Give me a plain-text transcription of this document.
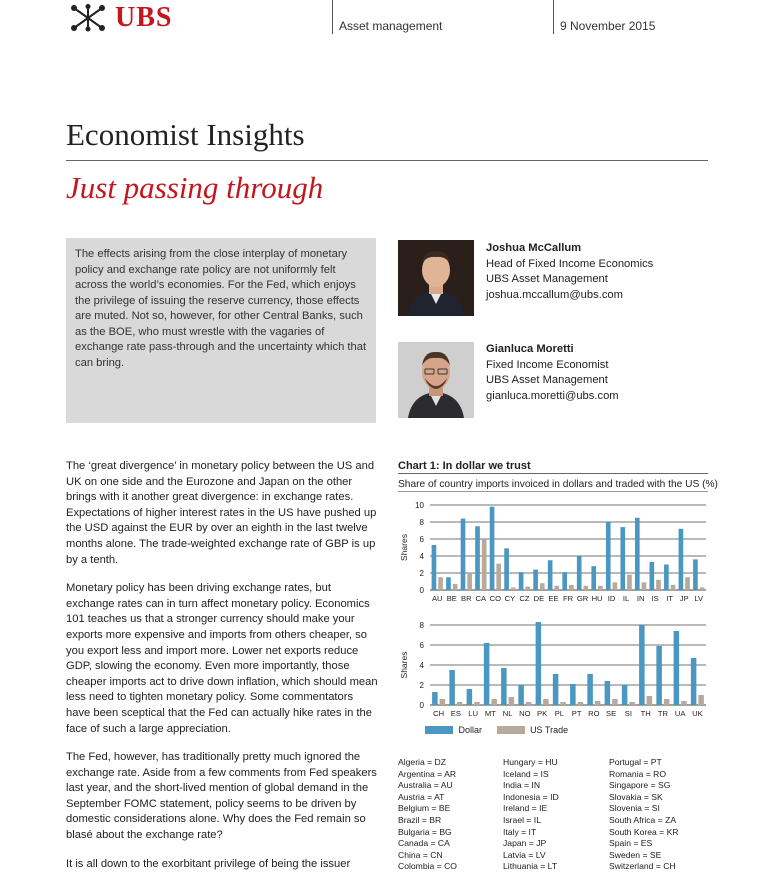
UBS	Asset management	9 November 2015
Economist Insights
Just passing through

The effects arising from the close interplay of monetary policy and exchange rate policy are not uniformly felt across the world’s economies. For the Fed, which enjoys the privilege of issuing the reserve currency, those effects are muted. Not so, however, for other Central Banks, such as the BOE, who must wrestle with the vagaries of exchange rate pass-through and the uncertainty which that can bring.

Joshua McCallum
Head of Fixed Income Economics
UBS Asset Management
joshua.mccallum@ubs.com
Gianluca Moretti
Fixed Income Economist
UBS Asset Management
gianluca.moretti@ubs.com

The ‘great divergence’ in monetary policy between the US and UK on one side and the Eurozone and Japan on the other brings with it another great divergence: in exchange rates. Expectations of higher interest rates in the US have pushed up the USD against the EUR by over an eighth in the last twelve months alone. The trade-weighted exchange rate of GBP is up by a tenth.

Monetary policy has been driving exchange rates, but exchange rates can in turn affect monetary policy. Economics 101 teaches us that a stronger currency should make your exports more expensive and imports from others cheaper, so you export less and import more. Lower net exports reduce GDP, slowing the economy. Even more importantly, those cheaper imports act to drive down inflation, which should mean less need to tighten monetary policy. Some commentators have been sceptical that the Fed can actually hike rates in the face of such a large appreciation.

The Fed, however, has traditionally pretty much ignored the exchange rate. Aside from a few comments from Fed speakers last year, and the short-lived mention of global demand in the September FOMC statement, policy seems to be driven by domestic considerations alone. Why does the Fed remain so blasé about the exchange rate?

It is all down to the exorbitant privilege of being the issuer

Chart 1: In dollar we trust
Share of country imports invoiced in dollars and traded with the US (%)
0
2
4
6
8
10
Shares
AU BE BR CA CO CY CZ DE EE FR GR HU ID IL IN IS IT JP LV
0
2
4
6
8
Shares
CH ES LU MT NL NO PK PL PT RO SE SI TH TR UA UK
Dollar	US Trade
Algeria = DZ
Argentina = AR
Australia = AU
Austria = AT
Belgium = BE
Brazil = BR
Bulgaria = BG
Canada = CA
China = CN
Colombia = CO
Hungary = HU
Iceland = IS
India = IN
Indonesia = ID
Ireland = IE
Israel = IL
Italy = IT
Japan = JP
Latvia = LV
Lithuania = LT
Portugal = PT
Romania = RO
Singapore = SG
Slovakia = SK
Slovenia = SI
South Africa = ZA
South Korea = KR
Spain = ES
Sweden = SE
Switzerland = CH
